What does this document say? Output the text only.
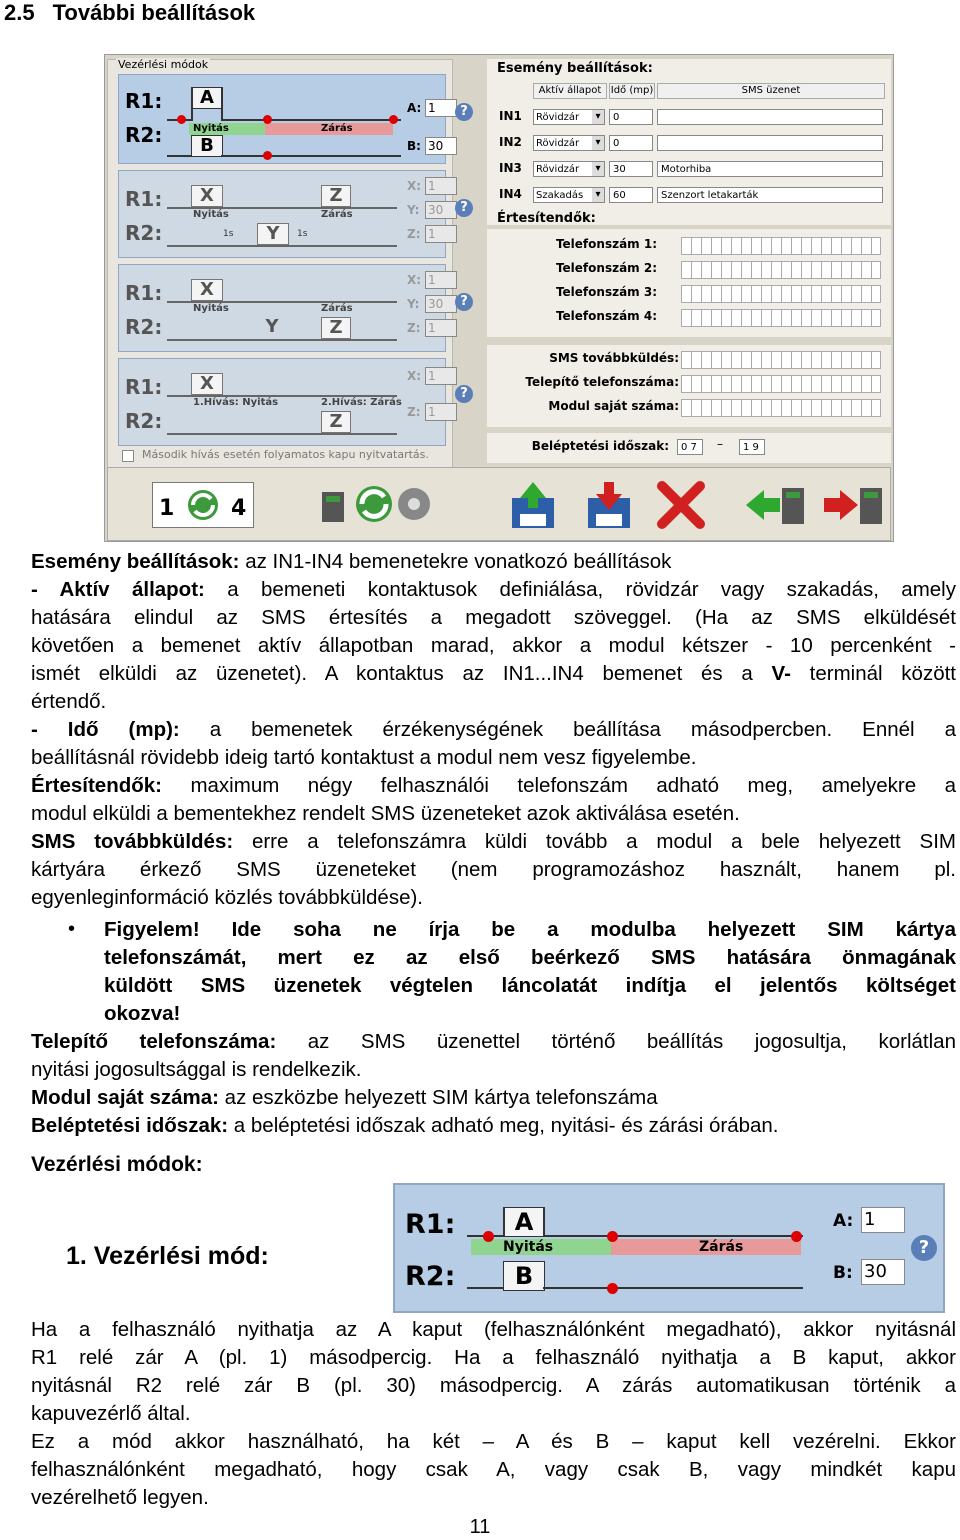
2.5 További beállítások
Vezérlési módok
R1:
R2:
A
Nyitás	Zárás
B
A: 1
B: 30
R1:
R2:
X	Z
Nyitás	Zárás
1s	Y	1s
X: 1
Y: 30
Z: 1
R1:
R2:
X
Nyitás	Zárás
Y	Z
X: 1
Y: 30
Z: 1
R1:
R2:
X
1.Hívás: Nyitás	2.Hívás: Zárás
Z
X: 1
Z: 1
Második hívás esetén folyamatos kapu nyitvatartás.
?
?
?
?
Esemény beállítások:
Aktív állapot Idő (mp)	SMS üzenet
IN1	Rövidzár ▾	0
IN2	Rövidzár ▾	0
IN3	Rövidzár ▾	30	Motorhiba
IN4	Szakadás ▾	60	Szenzort letakarták
Értesítendők:
Telefonszám 1:
Telefonszám 2:
Telefonszám 3:
Telefonszám 4:
SMS továbbküldés:
Telepítő telefonszáma:
Modul saját száma:
Beléptetési időszak:	0 7	–	1 9
1	4

Esemény beállítások: az IN1-IN4 bemenetekre vonatkozó beállítások

- Aktív állapot: a bemeneti kontaktusok definiálása, rövidzár vagy szakadás, amely
hatására elindul az SMS értesítés a megadott szöveggel. (Ha az SMS elküldését
követően a bemenet aktív állapotban marad, akkor a modul kétszer - 10 percenként -
ismét elküldi az üzenetet). A kontaktus az IN1...IN4 bemenet és a V- terminál között
értendő.
- Idő (mp): a bemenetek érzékenységének beállítása másodpercben. Ennél a
beállításnál rövidebb ideig tartó kontaktust a modul nem vesz figyelembe.
Értesítendők: maximum négy felhasználói telefonszám adható meg, amelyekre a
modul elküldi a bementekhez rendelt SMS üzeneteket azok aktiválása esetén.
SMS továbbküldés: erre a telefonszámra küldi tovább a modul a bele helyezett SIM
kártyára érkező SMS üzeneteket (nem programozáshoz használt, hanem pl.
egyenleginformáció közlés továbbküldése).
• Figyelem! Ide soha ne írja be a modulba helyezett SIM kártya
telefonszámát, mert ez az első beérkező SMS hatására önmagának
küldött SMS üzenetek végtelen láncolatát indítja el jelentős költséget
okozva!
Telepítő telefonszáma: az SMS üzenettel történő beállítás jogosultja, korlátlan
nyitási jogosultsággal is rendelkezik.

Modul saját száma: az eszközbe helyezett SIM kártya telefonszáma

Beléptetési időszak: a beléptetési időszak adható meg, nyitási- és zárási órában.

Vezérlési módok:
1. Vezérlési mód:
R1:
R2:
A
Nyitás	Zárás
B
A: 1
B: 30
?
Ha a felhasználó nyithatja az A kaput (felhasználónként megadható), akkor nyitásnál
R1 relé zár A (pl. 1) másodpercig. Ha a felhasználó nyithatja a B kaput, akkor
nyitásnál R2 relé zár B (pl. 30) másodpercig. A zárás automatikusan történik a
kapuvezérlő által.
Ez a mód akkor használható, ha két – A és B – kaput kell vezérelni. Ekkor
felhasználónként megadható, hogy csak A, vagy csak B, vagy mindkét kapu
vezérelhető legyen.
11
